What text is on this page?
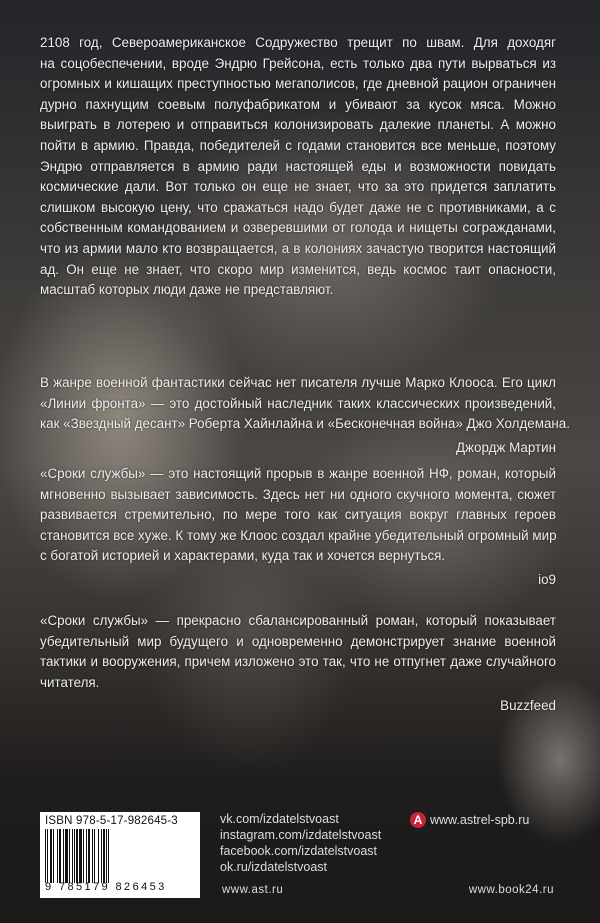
2108 год, Североамериканское Содружество трещит по швам. Для доходяг
на соцобеспечении, вроде Эндрю Грейсона, есть только два пути вырваться из
огромных и кишащих преступностью мегаполисов, где дневной рацион ограничен
дурно пахнущим соевым полуфабрикатом и убивают за кусок мяса. Можно
выиграть в лотерею и отправиться колонизировать далекие планеты. А можно
пойти в армию. Правда, победителей с годами становится все меньше, поэтому
Эндрю отправляется в армию ради настоящей еды и возможности повидать
космические дали. Вот только он еще не знает, что за это придется заплатить
слишком высокую цену, что сражаться надо будет даже не с противниками, а с
собственным командованием и озверевшими от голода и нищеты согражданами,
что из армии мало кто возвращается, а в колониях зачастую творится настоящий
ад. Он еще не знает, что скоро мир изменится, ведь космос таит опасности,
масштаб которых люди даже не представляют.
В жанре военной фантастики сейчас нет писателя лучше Марко Клооса. Его цикл
«Линии фронта» — это достойный наследник таких классических произведений,
как «Звездный десант» Роберта Хайнлайна и «Бесконечная война» Джо Холдемана.
Джордж Мартин
«Сроки службы» — это настоящий прорыв в жанре военной НФ, роман, который
мгновенно вызывает зависимость. Здесь нет ни одного скучного момента, сюжет
развивается стремительно, по мере того как ситуация вокруг главных героев
становится все хуже. К тому же Клоос создал крайне убедительный огромный мир
с богатой историей и характерами, куда так и хочется вернуться.
io9
«Сроки службы» — прекрасно сбалансированный роман, который показывает
убедительный мир будущего и одновременно демонстрирует знание военной
тактики и вооружения, причем изложено это так, что не отпугнет даже случайного
читателя.
Buzzfeed
ISBN 978-5-17-982645-3
9 785179 826453
vk.com/izdatelstvoast
instagram.com/izdatelstvoast
facebook.com/izdatelstvoast
ok.ru/izdatelstvoast
www.ast.ru
A www.astrel-spb.ru
www.book24.ru
